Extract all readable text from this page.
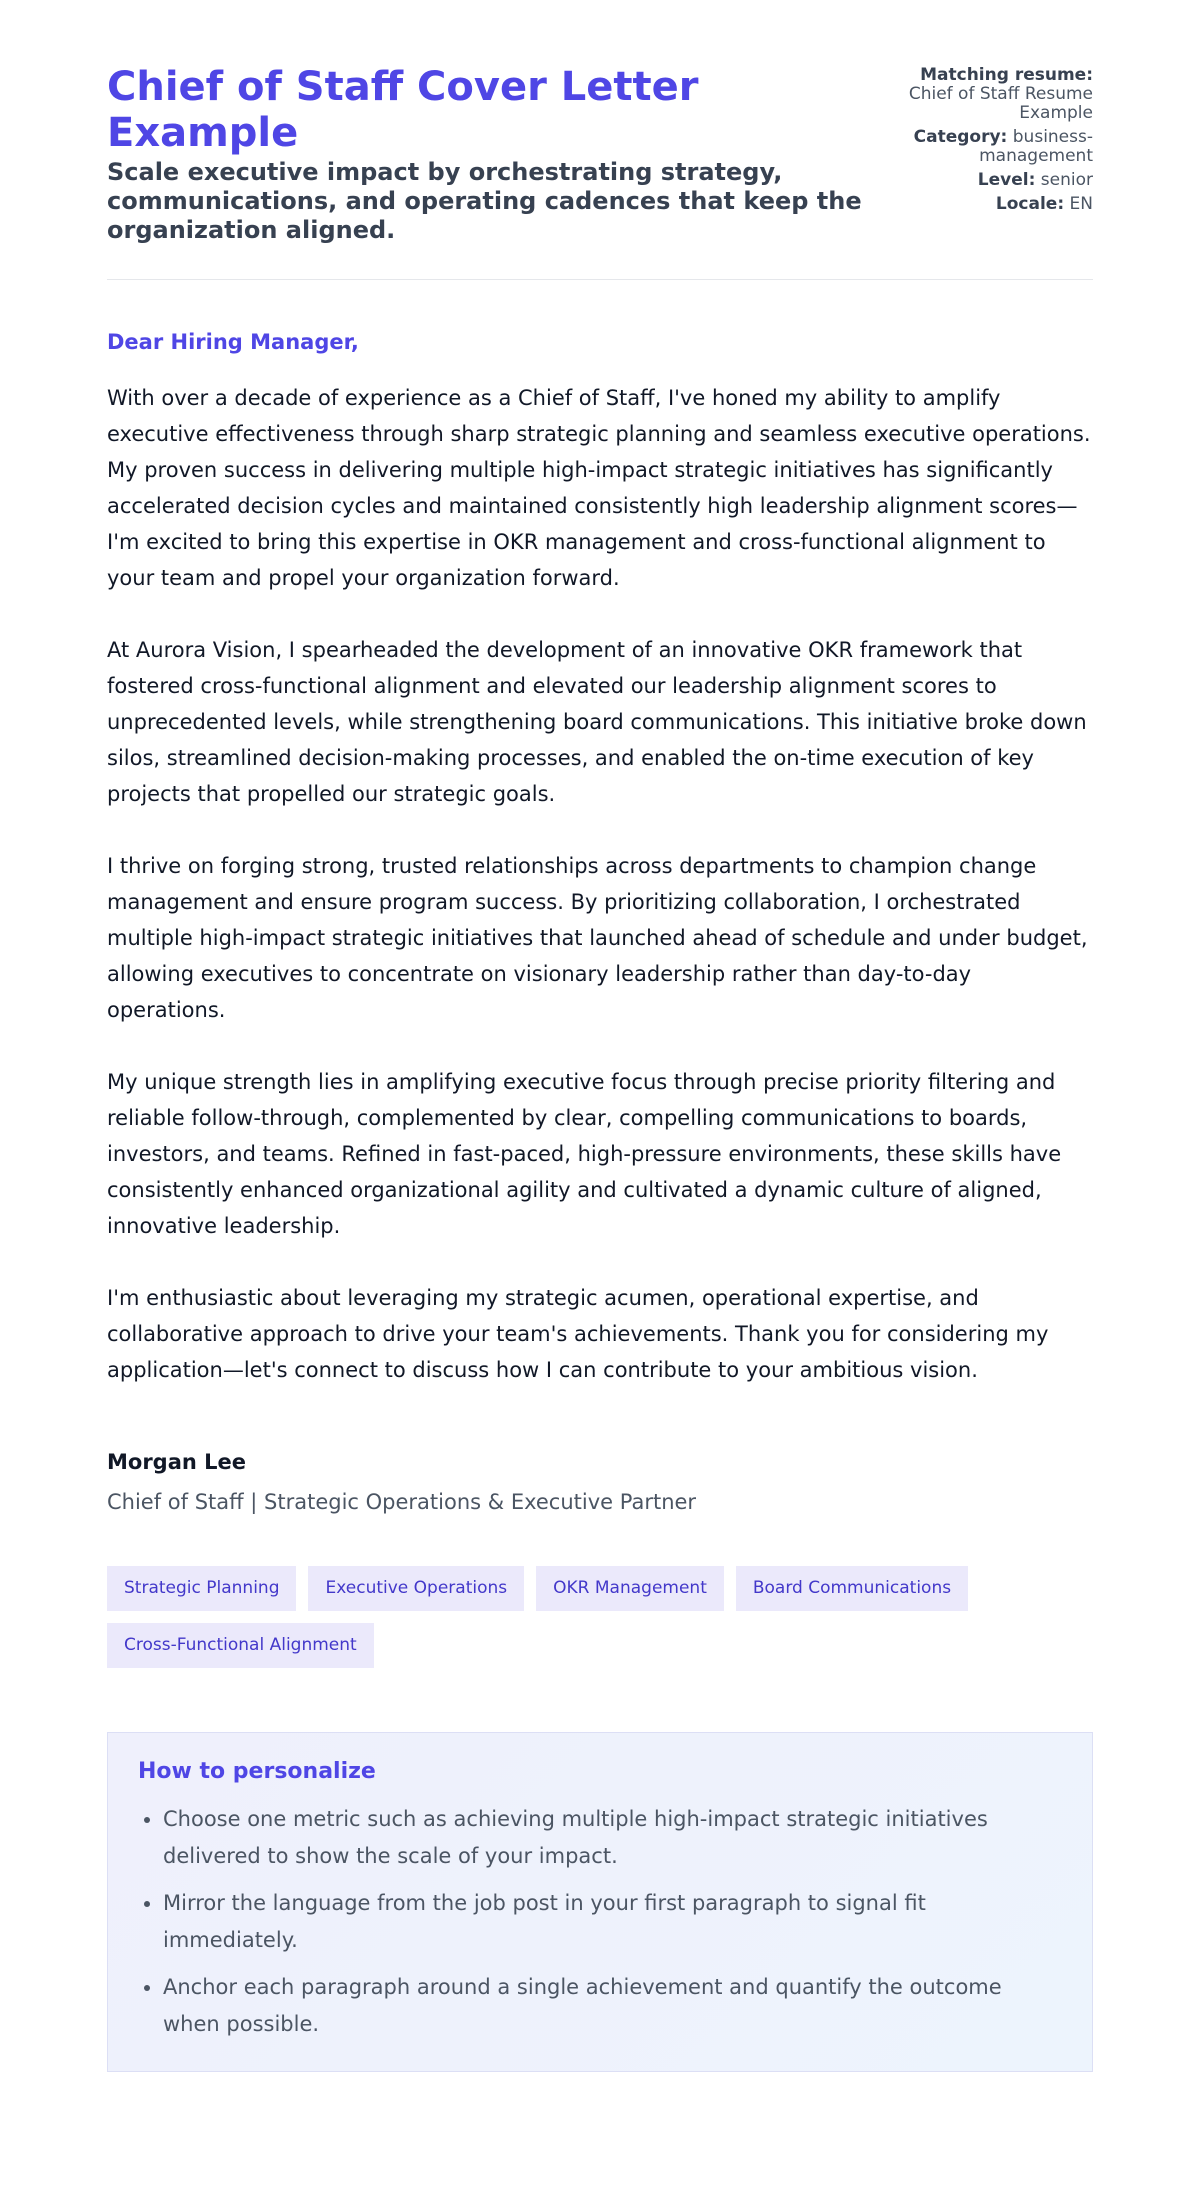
Chief of Staff Cover Letter Example
Scale executive impact by orchestrating strategy, communications, and operating cadences that keep the organization aligned.
Matching resume:
Chief of Staff Resume Example
Category: business-management
Level: senior
Locale: EN

Dear Hiring Manager,

With over a decade of experience as a Chief of Staff, I've honed my ability to amplify executive effectiveness through sharp strategic planning and seamless executive operations. My proven success in delivering multiple high-impact strategic initiatives has significantly accelerated decision cycles and maintained consistently high leadership alignment scores—I'm excited to bring this expertise in OKR management and cross-functional alignment to your team and propel your organization forward.

At Aurora Vision, I spearheaded the development of an innovative OKR framework that fostered cross-functional alignment and elevated our leadership alignment scores to unprecedented levels, while strengthening board communications. This initiative broke down silos, streamlined decision-making processes, and enabled the on-time execution of key projects that propelled our strategic goals.

I thrive on forging strong, trusted relationships across departments to champion change management and ensure program success. By prioritizing collaboration, I orchestrated multiple high-impact strategic initiatives that launched ahead of schedule and under budget, allowing executives to concentrate on visionary leadership rather than day-to-day operations.

My unique strength lies in amplifying executive focus through precise priority filtering and reliable follow-through, complemented by clear, compelling communications to boards, investors, and teams. Refined in fast-paced, high-pressure environments, these skills have consistently enhanced organizational agility and cultivated a dynamic culture of aligned, innovative leadership.

I'm enthusiastic about leveraging my strategic acumen, operational expertise, and collaborative approach to drive your team's achievements. Thank you for considering my application—let's connect to discuss how I can contribute to your ambitious vision.

Morgan Lee

Chief of Staff | Strategic Operations & Executive Partner

Strategic Planning	Executive Operations	OKR Management	Board Communications
Cross-Functional Alignment
How to personalize
• Choose one metric such as achieving multiple high-impact strategic initiatives delivered to show the scale of your impact.
• Mirror the language from the job post in your first paragraph to signal fit immediately.
• Anchor each paragraph around a single achievement and quantify the outcome when possible.
